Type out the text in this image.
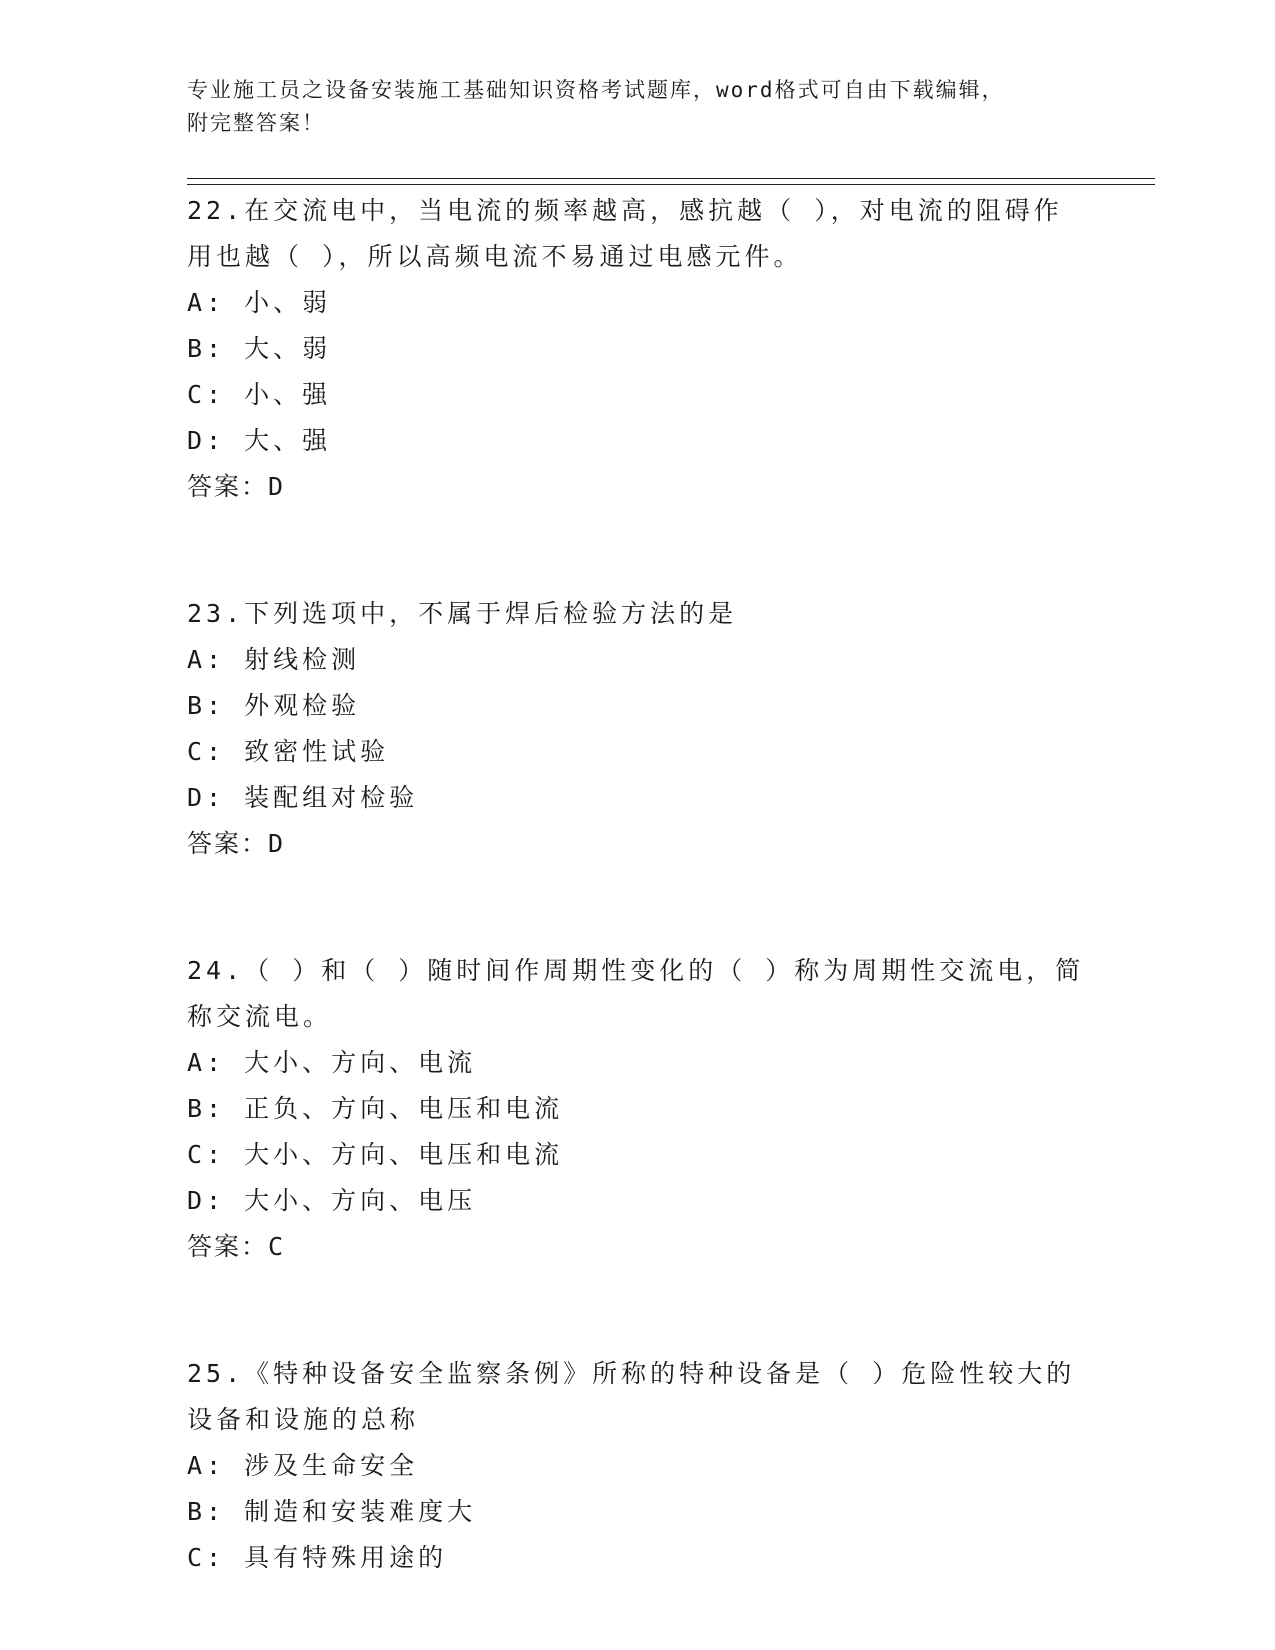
专业施工员之设备安装施工基础知识资格考试题库，word格式可自由下载编辑，
附完整答案！
22.在交流电中，当电流的频率越高，感抗越（ ），对电流的阻碍作
用也越（ ），所以高频电流不易通过电感元件。
A: 小、弱
B: 大、弱
C: 小、强
D: 大、强
答案：D
23.下列选项中，不属于焊后检验方法的是
A: 射线检测
B: 外观检验
C: 致密性试验
D: 装配组对检验
答案：D
24.（ ）和（ ）随时间作周期性变化的（ ）称为周期性交流电，简
称交流电。
A: 大小、方向、电流
B: 正负、方向、电压和电流
C: 大小、方向、电压和电流
D: 大小、方向、电压
答案：C
25.《特种设备安全监察条例》所称的特种设备是（ ）危险性较大的
设备和设施的总称
A: 涉及生命安全
B: 制造和安装难度大
C: 具有特殊用途的
